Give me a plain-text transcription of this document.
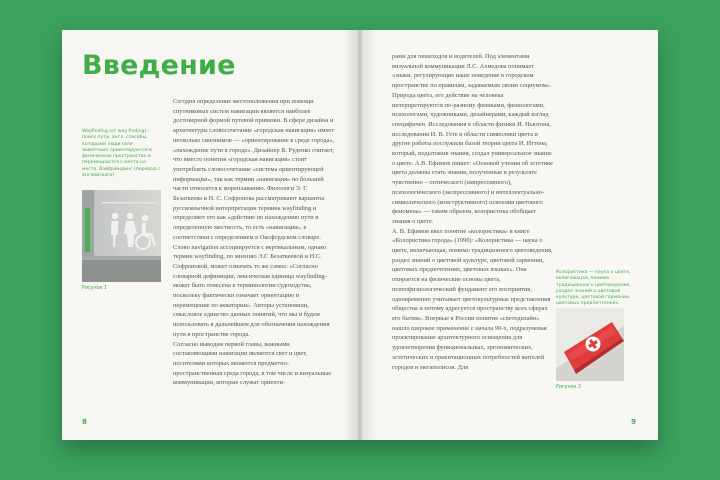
Введение

Wayfinding (от way-finding) – поиск пути, англ. способы, которыми люди (или животные) ориентируются в физическом пространстве и перемещаются с места на место. Вайфайндинг (перевод с английского)

Рисунок 1

Сегодня определение местоположения при помощи спутниковых систем навигации является наиболее достоверной формой путевой привязки. В сфере дизайна и архитектуры словосочетание «городская навигация» имеет несколько синонимов — «ориентирование в среде города», «нахождение пути в городе». Дизайнер В. Руденко считает, что вместо понятия «городская навигация» стоит употреблять словосочетание «система ориентирующей информации», так как термин «навигация» по большей части относится к мореплаванию. Филологи Э. Г. Безаткеева и Н. С. Софронова рассматривают варианты русскоязычной интерпретации термина wayfinding и определяют его как «действие по нахождению пути в определенную местность, то есть «навигация», в соответствии с определением в Оксфордском словаре. Слово navigation ассоциируется с вертикальным, однако термин wayfinding, по мнению Э.Г. Безаткеевой и Н.С. Софроновой, может означать то же самое: «Согласно словарной дефиниции, лексическая единица wayfinding- может быть отнесена к терминологии судоходства, поскольку фактически означает ориентацию и перемещение по акватории». Авторы установили, смысловое единство данных понятий, что мы и будем использовать в дальнейшем для обозначения нахождения пути в пространстве города.

Согласно выводам первой главы, важными составляющими навигации являются свет и цвет, носителями которых являются предметно-пространственная среда города, в том числе и визуальные коммуникации, которые служат ориенти-

8

рами для пешеходов и водителей. Под элементами визуальной коммуникации Л.С. Ахмедова понимает «знаки, регулирующие наше поведение в городском пространстве по правилам, задаваемым своим социумом».

Природа цвета, его действие на человека интерпретируются по-разному физиками, физиологами, психологами, художниками, дизайнерами, каждый взгляд специфичен. Исследования в области физики И. Ньютона, исследования И. В. Гете в области символики цвета и другие работы послужили базой теории цвета И. Иттена, который, подытожив знания, создал универсальное знание о цвете. А.В. Ефимов пишет: «Основой учения об эстетике цвета должны стать знания, полученные в результате чувственно – оптического (импрессивного), психологического (экспрессивного) и интеллектуально-символического (конструктивного) освоения цветового феномена» — таким образом, колористика обобщает знания о цвете.

А. В. Ефимов ввел понятие «колористика» в книге «Колористика города» (1990): «Колористика — наука о цвете, включающая, помимо традиционного цветоведения, раздел знаний о цветовой культуре, цветовой гармонии, цветовых предпочтениях, цветовых языках». Она опирается на физические основы цвета, психофизиологический фундамент его восприятия, одновременно учитывает цветокультурные представления общества и потому адресуется пространству всех сферах его бытия». Впервые в России понятие «светодизайн» нашло широкое применение с начала 90-х, подразумевая проектирование архитектурного освещения для удовлетворения функциональных, эргономических, эстетических и ориентационных потребностей жителей городов и мегаполисов. Для

Колористика — наука о цвете, включающая, помимо традиционного цветоведения, раздел знаний о цветовой культуре, цветовой гармонии, цветовых предпочтениях,

Рисунок 2

9
